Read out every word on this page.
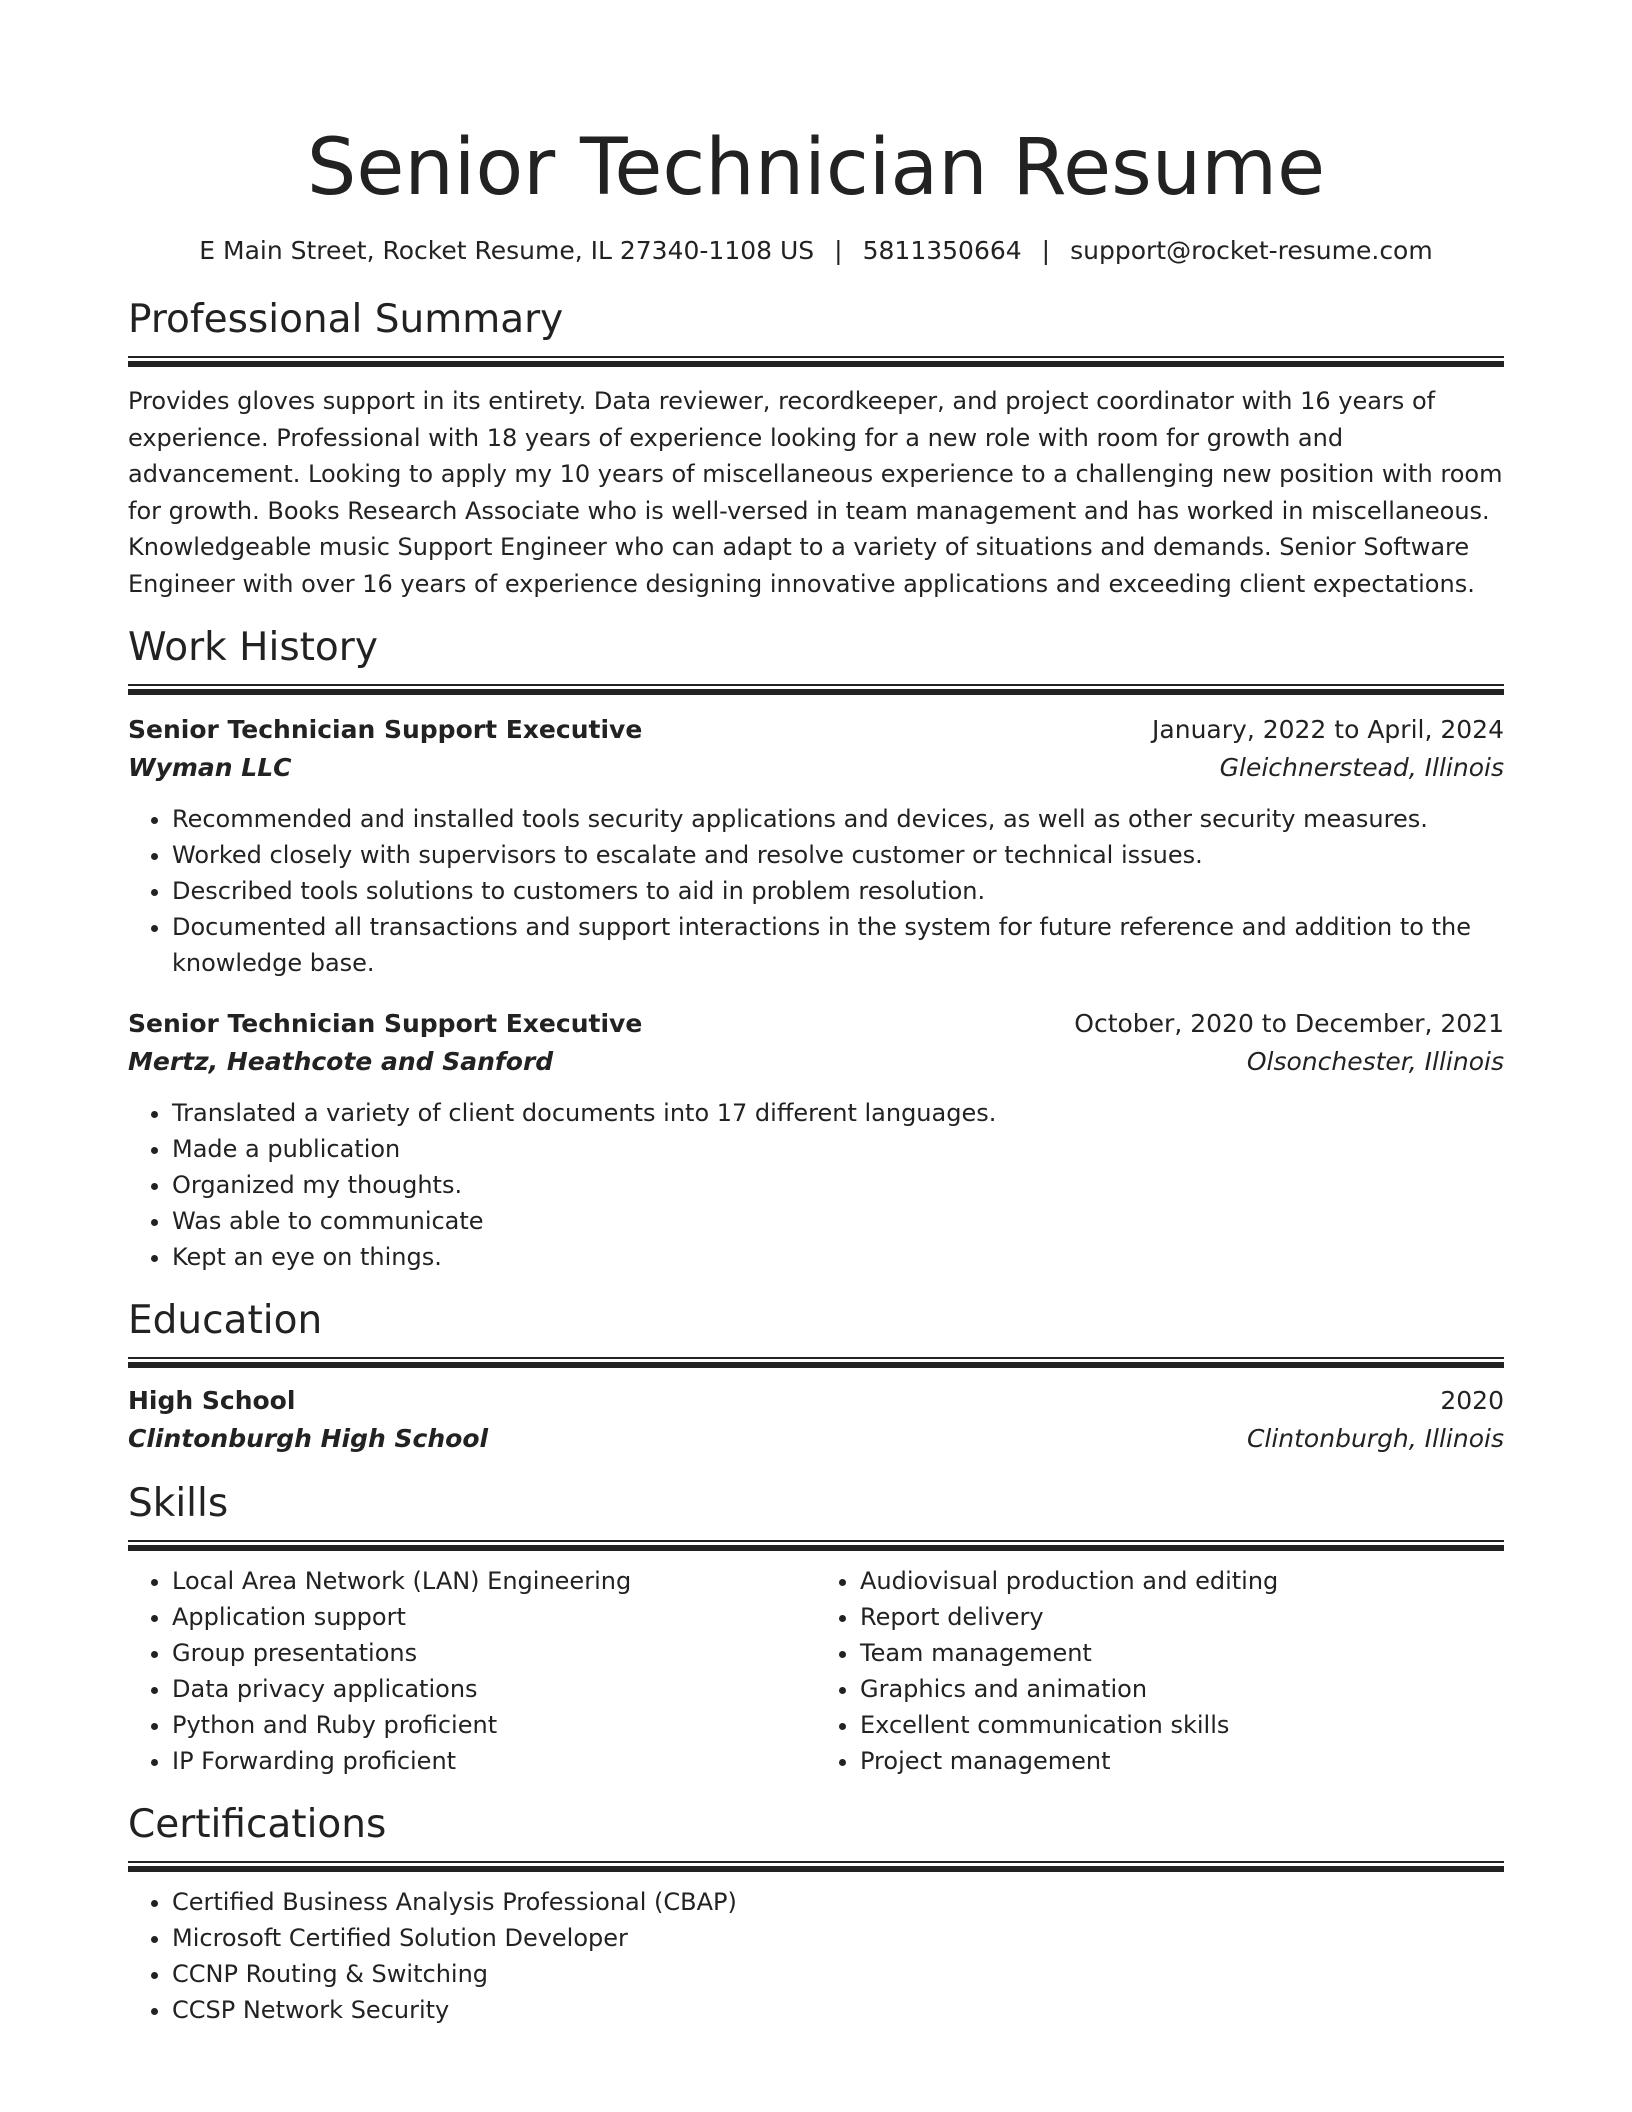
Senior Technician Resume
E Main Street, Rocket Resume, IL 27340-1108 US | 5811350664 | support@rocket-resume.com
Professional Summary
Provides gloves support in its entirety. Data reviewer, recordkeeper, and project coordinator with 16 years of experience. Professional with 18 years of experience looking for a new role with room for growth and advancement. Looking to apply my 10 years of miscellaneous experience to a challenging new position with room for growth. Books Research Associate who is well-versed in team management and has worked in miscellaneous. Knowledgeable music Support Engineer who can adapt to a variety of situations and demands. Senior Software Engineer with over 16 years of experience designing innovative applications and exceeding client expectations.
Work History
Senior Technician Support Executive	January, 2022 to April, 2024
Wyman LLC	Gleichnerstead, Illinois
• Recommended and installed tools security applications and devices, as well as other security measures.
• Worked closely with supervisors to escalate and resolve customer or technical issues.
• Described tools solutions to customers to aid in problem resolution.
• Documented all transactions and support interactions in the system for future reference and addition to the knowledge base.
Senior Technician Support Executive	October, 2020 to December, 2021
Mertz, Heathcote and Sanford	Olsonchester, Illinois
• Translated a variety of client documents into 17 different languages.
• Made a publication
• Organized my thoughts.
• Was able to communicate
• Kept an eye on things.
Education
High School	2020
Clintonburgh High School	Clintonburgh, Illinois
Skills
• Local Area Network (LAN) Engineering
• Application support
• Group presentations
• Data privacy applications
• Python and Ruby proficient
• IP Forwarding proficient
• Audiovisual production and editing
• Report delivery
• Team management
• Graphics and animation
• Excellent communication skills
• Project management
Certifications
• Certified Business Analysis Professional (CBAP)
• Microsoft Certified Solution Developer
• CCNP Routing & Switching
• CCSP Network Security
